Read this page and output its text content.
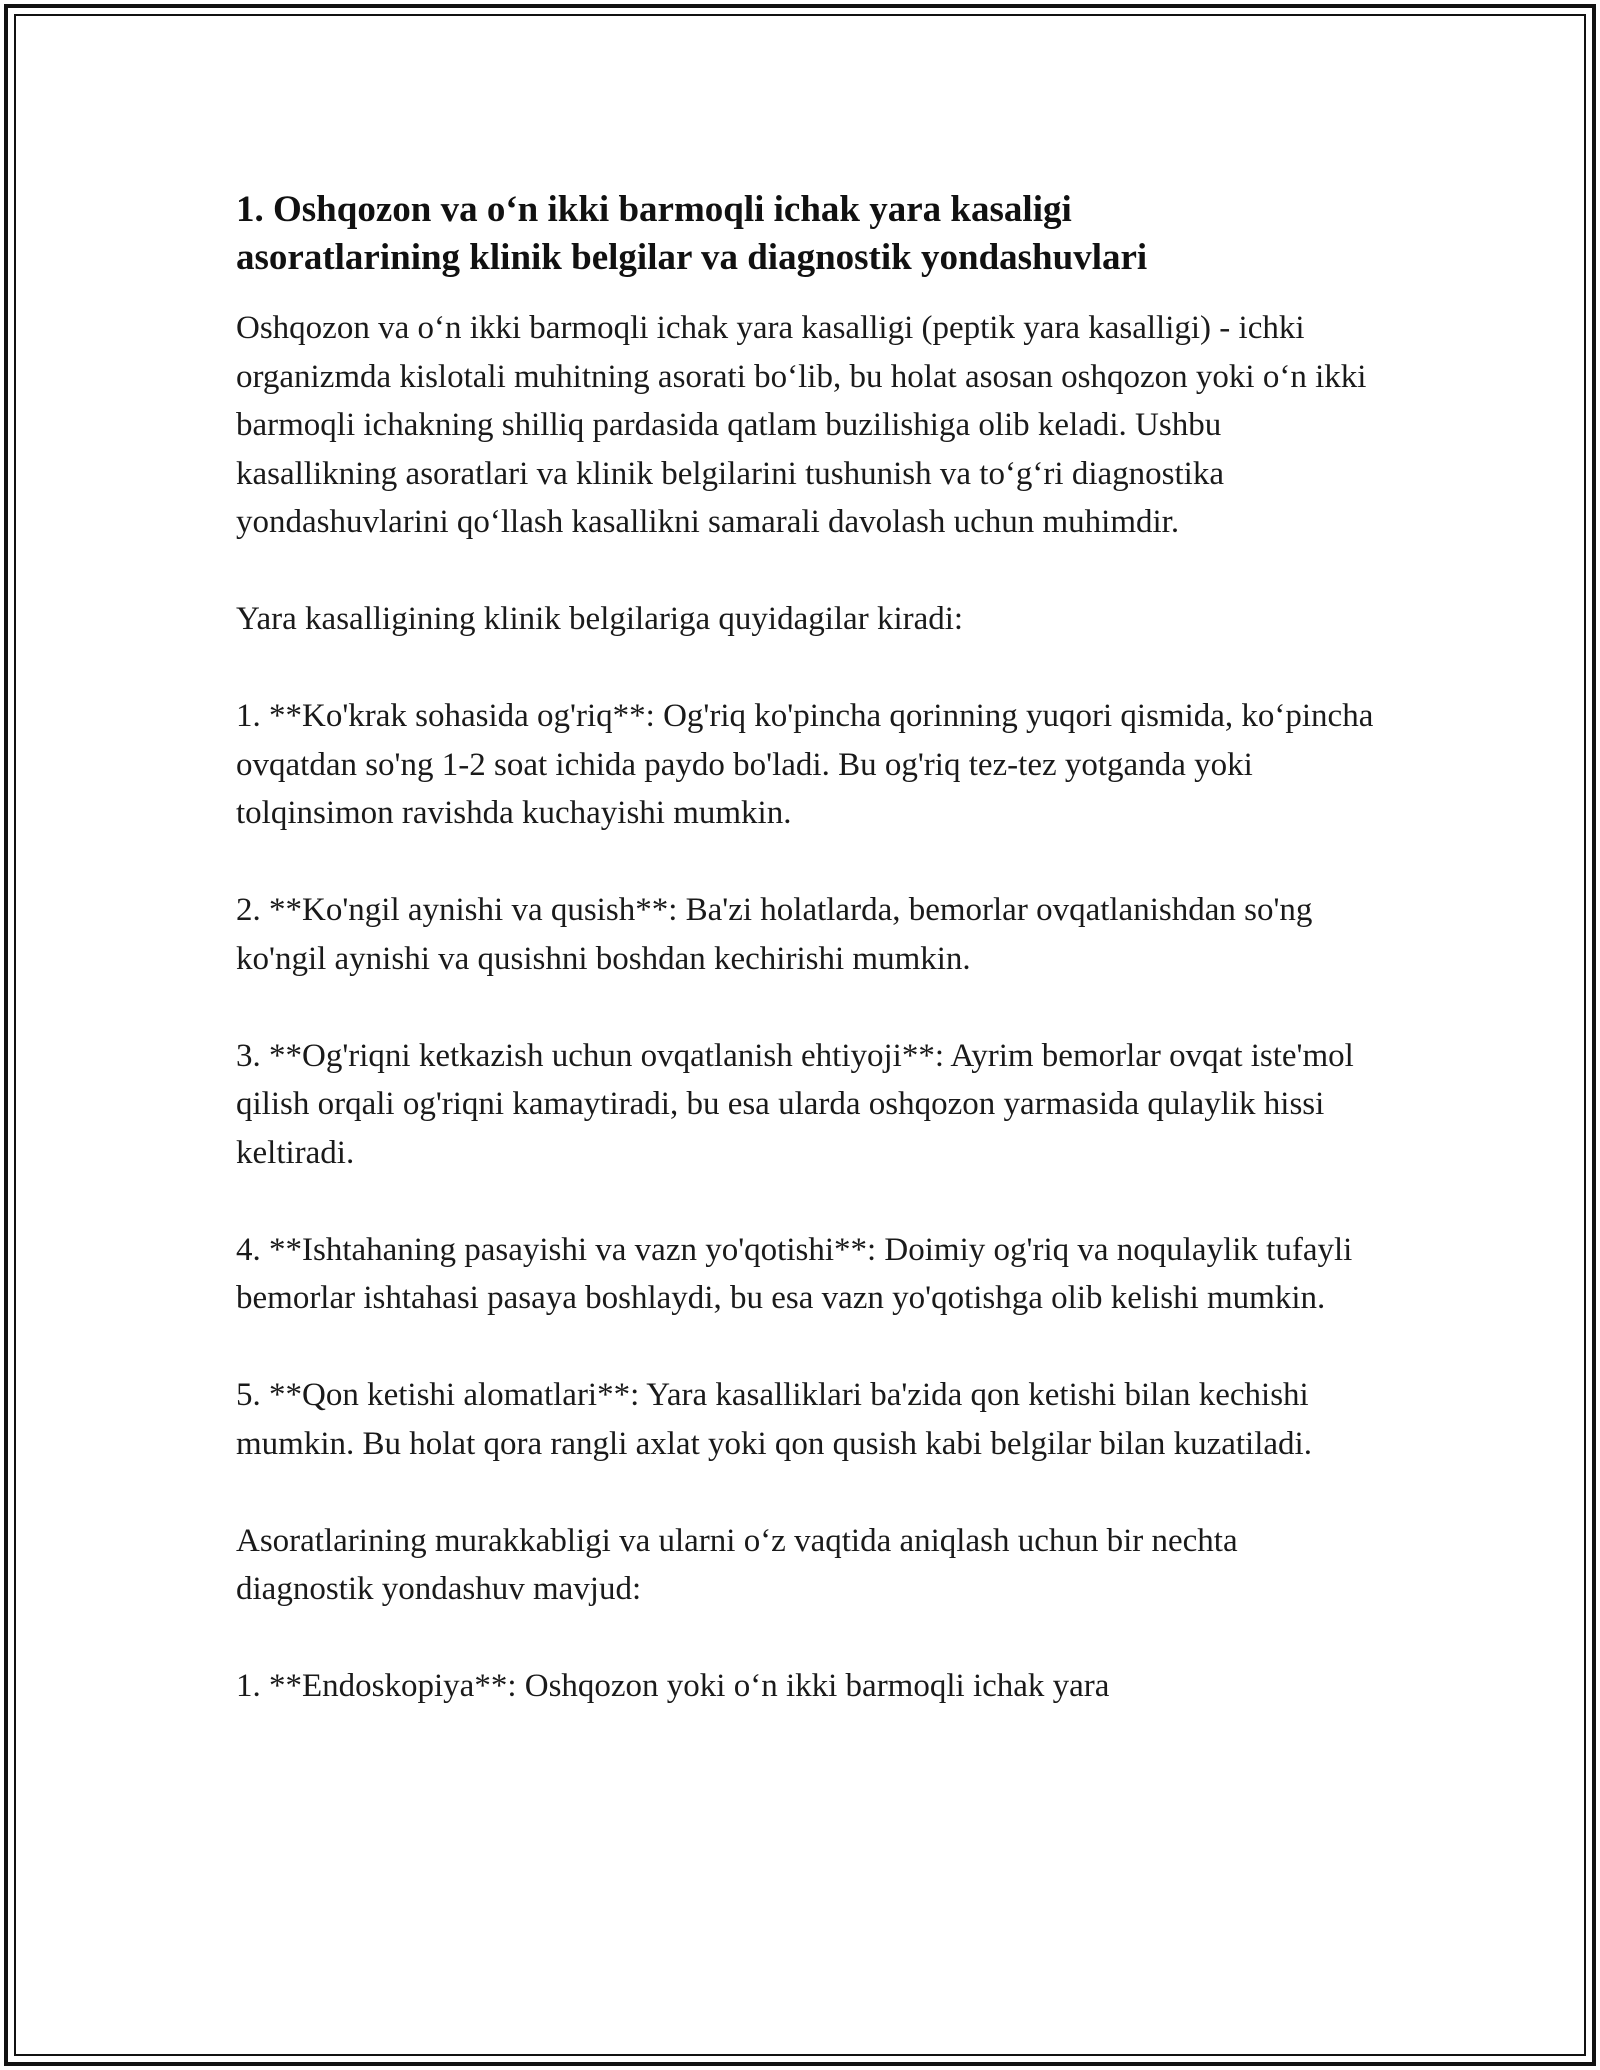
1. Oshqozon va o‘n ikki barmoqli ichak yara kasaligi
asoratlarining klinik belgilar va diagnostik yondashuvlari

Oshqozon va o‘n ikki barmoqli ichak yara kasalligi (peptik yara kasalligi) - ichki organizmda kislotali muhitning asorati bo‘lib, bu holat asosan oshqozon yoki o‘n ikki barmoqli ichakning shilliq pardasida qatlam buzilishiga olib keladi. Ushbu kasallikning asoratlari va klinik belgilarini tushunish va to‘g‘ri diagnostika yondashuvlarini qo‘llash kasallikni samarali davolash uchun muhimdir.

Yara kasalligining klinik belgilariga quyidagilar kiradi:

1. **Ko'krak sohasida og'riq**: Og'riq ko'pincha qorinning yuqori qismida, ko‘pincha ovqatdan so'ng 1-2 soat ichida paydo bo'ladi. Bu og'riq tez-tez yotganda yoki tolqinsimon ravishda kuchayishi mumkin.

2. **Ko'ngil aynishi va qusish**: Ba'zi holatlarda, bemorlar ovqatlanishdan so'ng ko'ngil aynishi va qusishni boshdan kechirishi mumkin.

3. **Og'riqni ketkazish uchun ovqatlanish ehtiyoji**: Ayrim bemorlar ovqat iste'mol qilish orqali og'riqni kamaytiradi, bu esa ularda oshqozon yarmasida qulaylik hissi keltiradi.

4. **Ishtahaning pasayishi va vazn yo'qotishi**: Doimiy og'riq va noqulaylik tufayli bemorlar ishtahasi pasaya boshlaydi, bu esa vazn yo'qotishga olib kelishi mumkin.

5. **Qon ketishi alomatlari**: Yara kasalliklari ba'zida qon ketishi bilan kechishi mumkin. Bu holat qora rangli axlat yoki qon qusish kabi belgilar bilan kuzatiladi.

Asoratlarining murakkabligi va ularni o‘z vaqtida aniqlash uchun bir nechta diagnostik yondashuv mavjud:

1. **Endoskopiya**: Oshqozon yoki o‘n ikki barmoqli ichak yara
